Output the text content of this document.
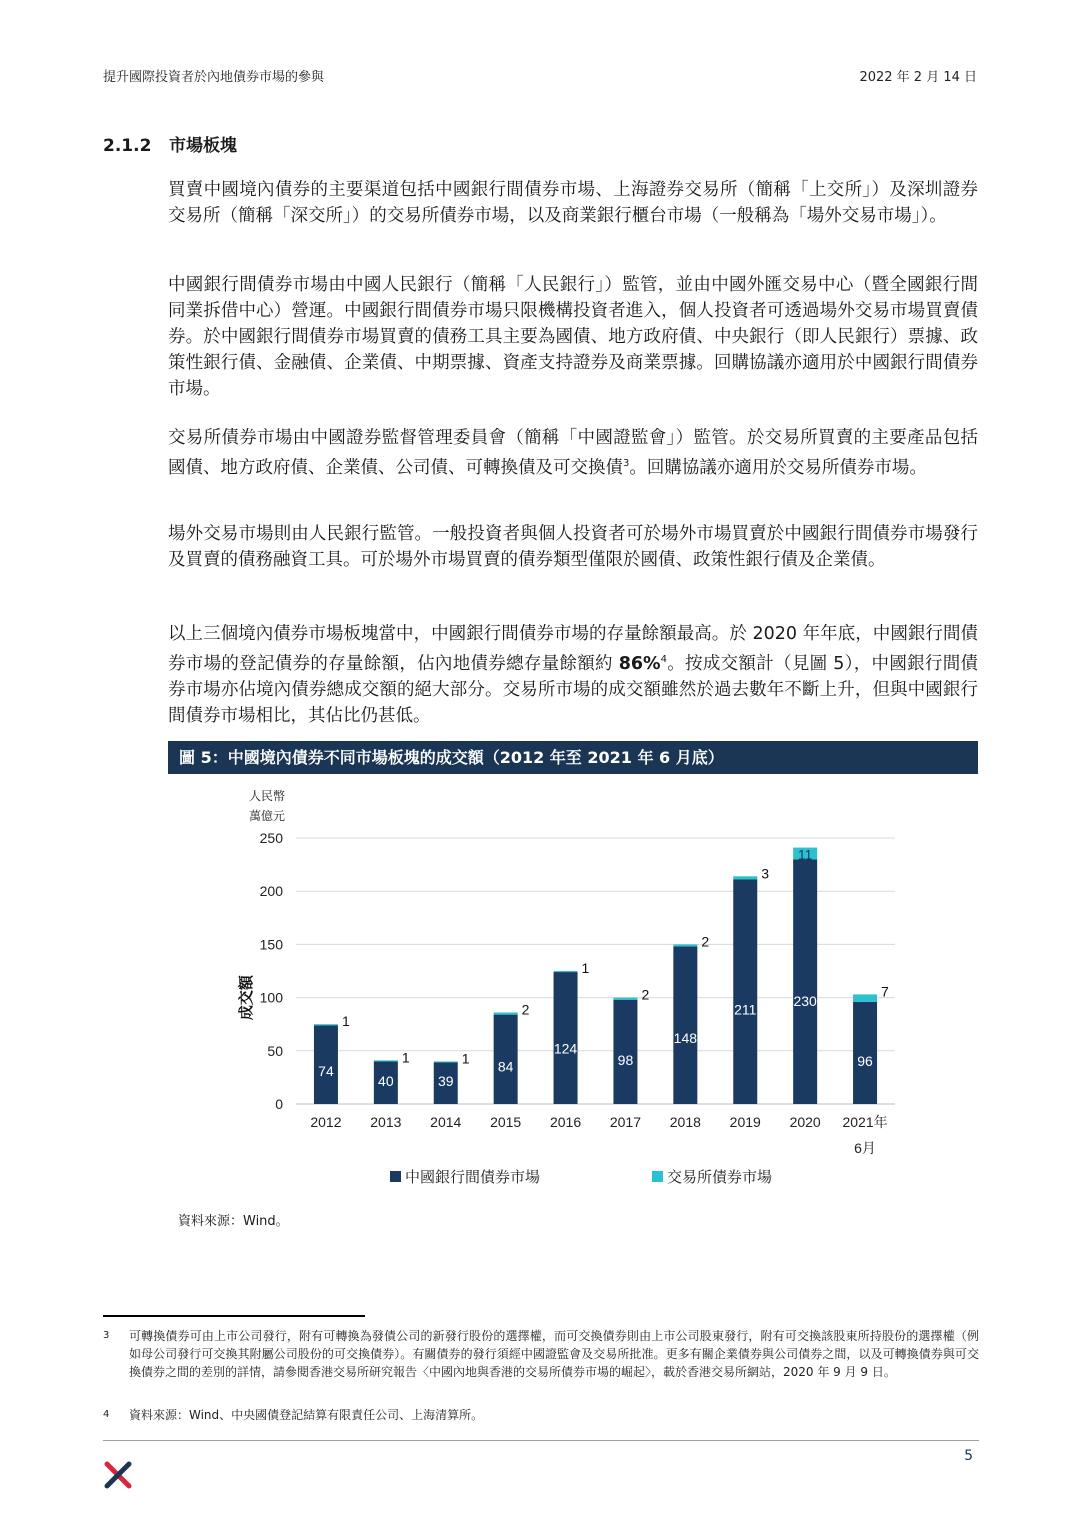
提升國際投資者於內地債券市場的參與	2022 年 2 月 14 日
2.1.2 市場板塊

買賣中國境內債券的主要渠道包括中國銀行間債券市場、上海證券交易所（簡稱「上交所」）及深圳證券交易所（簡稱「深交所」）的交易所債券市場，以及商業銀行櫃台市場（一般稱為「場外交易市場」）。

中國銀行間債券市場由中國人民銀行（簡稱「人民銀行」）監管，並由中國外匯交易中心（暨全國銀行間同業拆借中心）營運。中國銀行間債券市場只限機構投資者進入，個人投資者可透過場外交易市場買賣債券。於中國銀行間債券市場買賣的債務工具主要為國債、地方政府債、中央銀行（即人民銀行）票據、政策性銀行債、金融債、企業債、中期票據、資產支持證券及商業票據。回購協議亦適用於中國銀行間債券市場。

交易所債券市場由中國證券監督管理委員會（簡稱「中國證監會」）監管。於交易所買賣的主要產品包括國債、地方政府債、企業債、公司債、可轉換債及可交換債$^3$。回購協議亦適用於交易所債券市場。

場外交易市場則由人民銀行監管。一般投資者與個人投資者可於場外市場買賣於中國銀行間債券市場發行及買賣的債務融資工具。可於場外市場買賣的債券類型僅限於國債、政策性銀行債及企業債。

以上三個境內債券市場板塊當中，中國銀行間債券市場的存量餘額最高。於 2020 年年底，中國銀行間債券市場的登記債券的存量餘額，佔內地債券總存量餘額約 86%$^4$。按成交額計（見圖 5），中國銀行間債券市場亦佔境內債券總成交額的絕大部分。交易所市場的成交額雖然於過去數年不斷上升，但與中國銀行間債券市場相比，其佔比仍甚低。

圖 5：中國境內債券不同市場板塊的成交額（2012 年至 2021 年 6 月底）
人民幣
萬億元
成交額
0
50
100
150
200
250
74
1
2012
40
1
2013
39
1
2014
84
2
2015
124
1
2016
98
2
2017
148
2
2018
211
3
2019
230
11
2020
96
7
2021年
6月
中國銀行間債券市場	交易所債券市場
資料來源：Wind。
3 可轉換債券可由上市公司發行，附有可轉換為發債公司的新發行股份的選擇權，而可交換債券則由上市公司股東發行，附有可交換該股東所持股份的選擇權（例如母公司發行可交換其附屬公司股份的可交換債券）。有關債券的發行須經中國證監會及交易所批准。更多有關企業債券與公司債券之間，以及可轉換債券與可交換債券之間的差別的詳情，請參閱香港交易所研究報告〈中國內地與香港的交易所債券市場的崛起〉，載於香港交易所網站，2020 年 9 月 9 日。
4 資料來源：Wind、中央國債登記結算有限責任公司、上海清算所。
5
